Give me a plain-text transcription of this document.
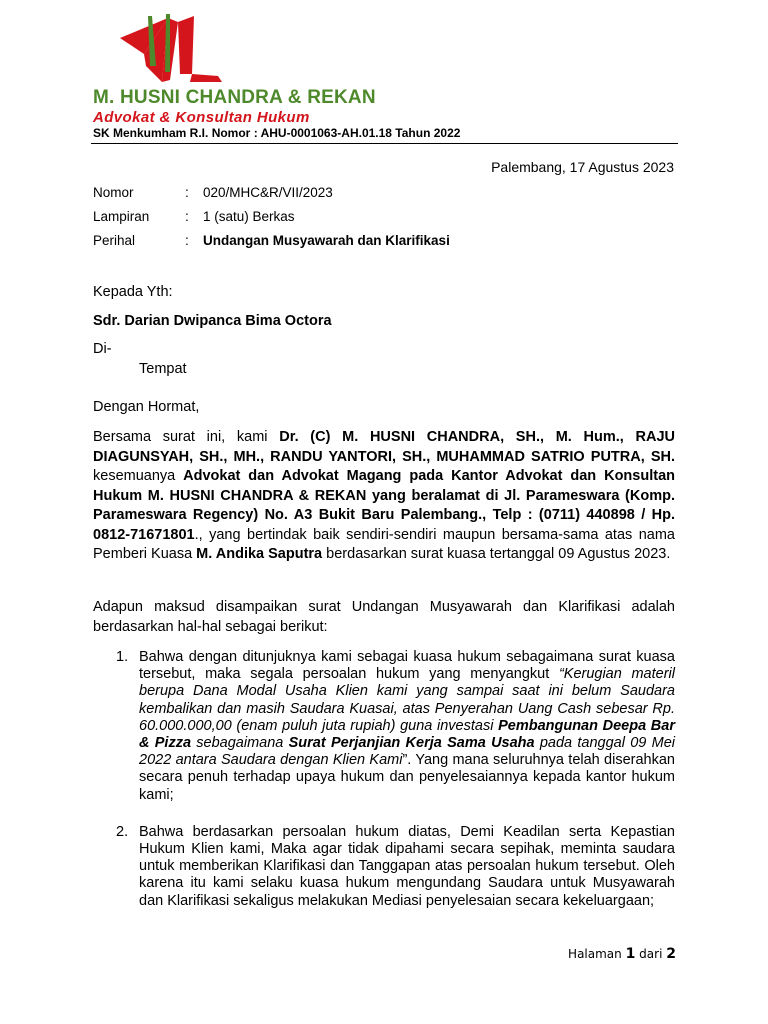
M. HUSNI CHANDRA & REKAN
Advokat & Konsultan Hukum
SK Menkumham R.I. Nomor : AHU-0001063-AH.01.18 Tahun 2022
Palembang, 17 Agustus 2023
Nomor	: 020/MHC&R/VII/2023
Lampiran	: 1 (satu) Berkas
Perihal	: Undangan Musyawarah dan Klarifikasi
Kepada Yth:
Sdr. Darian Dwipanca Bima Octora
Di-
Tempat
Dengan Hormat,
Bersama surat ini, kami Dr. (C) M. HUSNI CHANDRA, SH., M. Hum., RAJU DIAGUNSYAH, SH., MH., RANDU YANTORI, SH., MUHAMMAD SATRIO PUTRA, SH. kesemuanya Advokat dan Advokat Magang pada Kantor Advokat dan Konsultan Hukum M. HUSNI CHANDRA & REKAN yang beralamat di Jl. Parameswara (Komp. Parameswara Regency) No. A3 Bukit Baru Palembang., Telp : (0711) 440898 / Hp. 0812-71671801., yang bertindak baik sendiri-sendiri maupun bersama-sama atas nama Pemberi Kuasa M. Andika Saputra berdasarkan surat kuasa tertanggal 09 Agustus 2023.
Adapun maksud disampaikan surat Undangan Musyawarah dan Klarifikasi adalah berdasarkan hal-hal sebagai berikut:
1. Bahwa dengan ditunjuknya kami sebagai kuasa hukum sebagaimana surat kuasa tersebut, maka segala persoalan hukum yang menyangkut “Kerugian materil berupa Dana Modal Usaha Klien kami yang sampai saat ini belum Saudara kembalikan dan masih Saudara Kuasai, atas Penyerahan Uang Cash sebesar Rp. 60.000.000,00 (enam puluh juta rupiah) guna investasi Pembangunan Deepa Bar & Pizza sebagaimana Surat Perjanjian Kerja Sama Usaha pada tanggal 09 Mei 2022 antara Saudara dengan Klien Kami”. Yang mana seluruhnya telah diserahkan secara penuh terhadap upaya hukum dan penyelesaiannya kepada kantor hukum kami;
2. Bahwa berdasarkan persoalan hukum diatas, Demi Keadilan serta Kepastian Hukum Klien kami, Maka agar tidak dipahami secara sepihak, meminta saudara untuk memberikan Klarifikasi dan Tanggapan atas persoalan hukum tersebut. Oleh karena itu kami selaku kuasa hukum mengundang Saudara untuk Musyawarah dan Klarifikasi sekaligus melakukan Mediasi penyelesaian secara kekeluargaan;
Halaman 1 dari 2
